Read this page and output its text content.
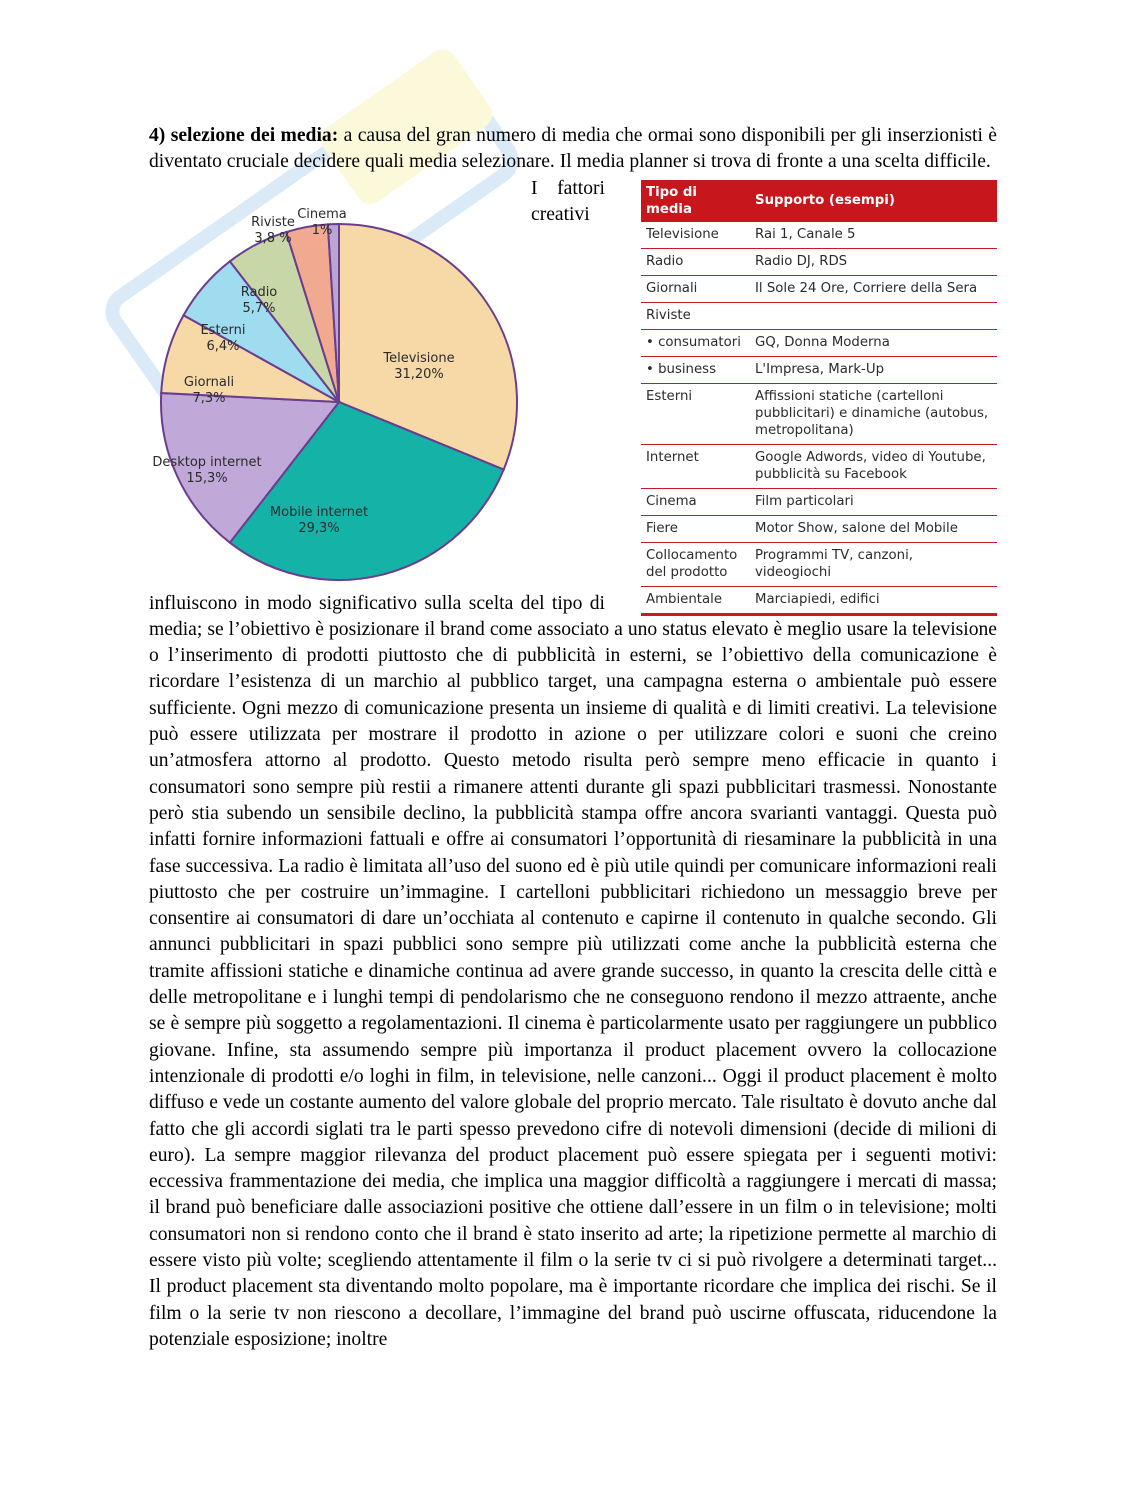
4) selezione dei media: a causa del gran numero di media che ormai sono disponibili per gli inserzionisti è diventato cruciale decidere quali media selezionare. Il media planner si trova di fronte a una scelta difficile.

Tipo di media	Supporto (esempi)
Televisione	Rai 1, Canale 5
Radio	Radio DJ, RDS
Giornali	Il Sole 24 Ore, Corriere della Sera
Riviste	
• consumatori	GQ, Donna Moderna
• business	L'Impresa, Mark-Up
Esterni	Affissioni statiche (cartelloni pubblicitari) e dinamiche (autobus, metropolitana)
Internet	Google Adwords, video di Youtube, pubblicità su Facebook
Cinema	Film particolari
Fiere	Motor Show, salone del Mobile
Collocamento del prodotto	Programmi TV, canzoni, videogiochi
Ambientale	Marciapiedi, edifici
Televisione 31,20%
Mobile internet 29,3%
Desktop internet 15,3%
Giornali 7,3%
Esterni 6,4%
Radio 5,7%
Riviste 3,8 %
Cinema 1%

I fattori creativi influiscono in modo significativo sulla scelta del tipo di media; se l’obiettivo è posizionare il brand come associato a uno status elevato è meglio usare la televisione o l’inserimento di prodotti piuttosto che di pubblicità in esterni, se l’obiettivo della comunicazione è ricordare l’esistenza di un marchio al pubblico target, una campagna esterna o ambientale può essere sufficiente. Ogni mezzo di comunicazione presenta un insieme di qualità e di limiti creativi. La televisione può essere utilizzata per mostrare il prodotto in azione o per utilizzare colori e suoni che creino un’atmosfera attorno al prodotto. Questo metodo risulta però sempre meno efficacie in quanto i consumatori sono sempre più restii a rimanere attenti durante gli spazi pubblicitari trasmessi. Nonostante però stia subendo un sensibile declino, la pubblicità stampa offre ancora svarianti vantaggi. Questa può infatti fornire informazioni fattuali e offre ai consumatori l’opportunità di riesaminare la pubblicità in una fase successiva. La radio è limitata all’uso del suono ed è più utile quindi per comunicare informazioni reali piuttosto che per costruire un’immagine. I cartelloni pubblicitari richiedono un messaggio breve per consentire ai consumatori di dare un’occhiata al contenuto e capirne il contenuto in qualche secondo. Gli annunci pubblicitari in spazi pubblici sono sempre più utilizzati come anche la pubblicità esterna che tramite affissioni statiche e dinamiche continua ad avere grande successo, in quanto la crescita delle città e delle metropolitane e i lunghi tempi di pendolarismo che ne conseguono rendono il mezzo attraente, anche se è sempre più soggetto a regolamentazioni. Il cinema è particolarmente usato per raggiungere un pubblico giovane. Infine, sta assumendo sempre più importanza il product placement ovvero la collocazione intenzionale di prodotti e/o loghi in film, in televisione, nelle canzoni... Oggi il product placement è molto diffuso e vede un costante aumento del valore globale del proprio mercato. Tale risultato è dovuto anche dal fatto che gli accordi siglati tra le parti spesso prevedono cifre di notevoli dimensioni (decide di milioni di euro). La sempre maggior rilevanza del product placement può essere spiegata per i seguenti motivi: eccessiva frammentazione dei media, che implica una maggior difficoltà a raggiungere i mercati di massa; il brand può beneficiare dalle associazioni positive che ottiene dall’essere in un film o in televisione; molti consumatori non si rendono conto che il brand è stato inserito ad arte; la ripetizione permette al marchio di essere visto più volte; scegliendo attentamente il film o la serie tv ci si può rivolgere a determinati target... Il product placement sta diventando molto popolare, ma è importante ricordare che implica dei rischi. Se il film o la serie tv non riescono a decollare, l’immagine del brand può uscirne offuscata, riducendone la potenziale esposizione; inoltre
